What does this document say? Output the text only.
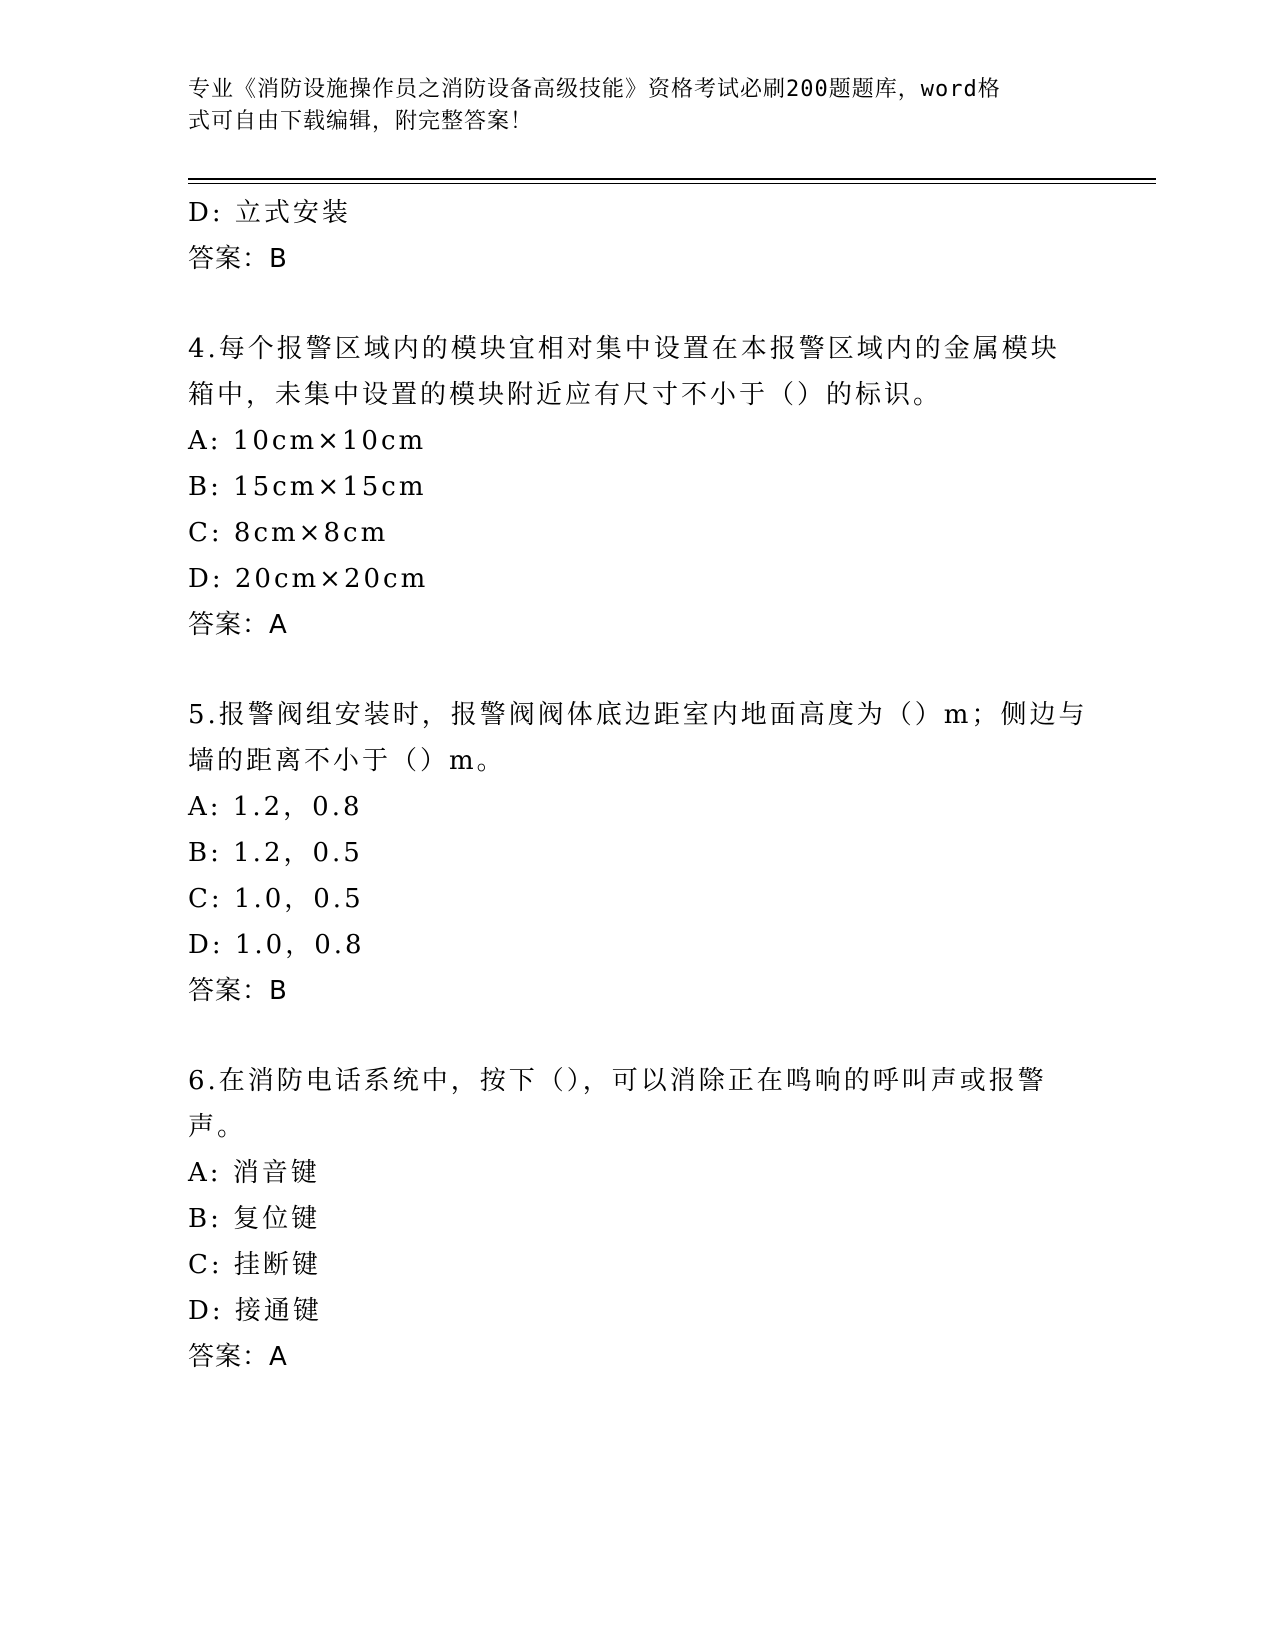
专业《消防设施操作员之消防设备高级技能》资格考试必刷200题题库，word格
式可自由下载编辑，附完整答案！
D: 立式安装
答案：B
4.每个报警区域内的模块宜相对集中设置在本报警区域内的金属模块
箱中，未集中设置的模块附近应有尺寸不小于（）的标识。
A: 10cm×10cm
B: 15cm×15cm
C: 8cm×8cm
D: 20cm×20cm
答案：A
5.报警阀组安装时，报警阀阀体底边距室内地面高度为（）m；侧边与
墙的距离不小于（）m。
A: 1.2，0.8
B: 1.2，0.5
C: 1.0，0.5
D: 1.0，0.8
答案：B
6.在消防电话系统中，按下（），可以消除正在鸣响的呼叫声或报警
声。
A: 消音键
B: 复位键
C: 挂断键
D: 接通键
答案：A
